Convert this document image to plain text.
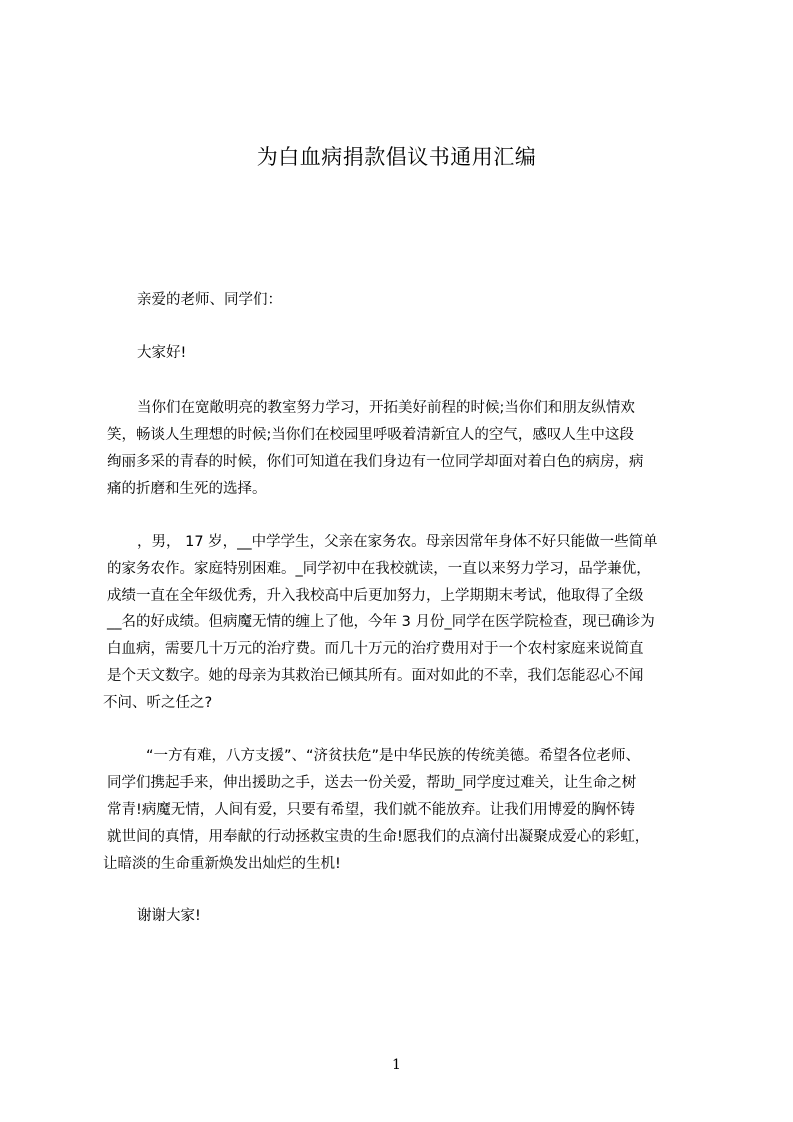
为白血病捐款倡议书通用汇编
亲爱的老师、同学们：
大家好!
当你们在宽敞明亮的教室努力学习，开拓美好前程的时候;当你们和朋友纵情欢
笑，畅谈人生理想的时候;当你们在校园里呼吸着清新宜人的空气，感叹人生中这段
绚丽多采的青春的时候，你们可知道在我们身边有一位同学却面对着白色的病房，病
痛的折磨和生死的选择。
，男， 17 岁，__中学学生，父亲在家务农。母亲因常年身体不好只能做一些简单
的家务农作。家庭特别困难。_同学初中在我校就读，一直以来努力学习，品学兼优，
成绩一直在全年级优秀，升入我校高中后更加努力，上学期期末考试，他取得了全级
__名的好成绩。但病魔无情的缠上了他，今年 3 月份_同学在医学院检查，现已确诊为
白血病，需要几十万元的治疗费。而几十万元的治疗费用对于一个农村家庭来说简直
是个天文数字。她的母亲为其救治已倾其所有。面对如此的不幸，我们怎能忍心不闻
不问、听之任之?
“一方有难，八方支援”、“济贫扶危”是中华民族的传统美德。希望各位老师、
同学们携起手来，伸出援助之手，送去一份关爱，帮助_同学度过难关，让生命之树
常青!病魔无情，人间有爱，只要有希望，我们就不能放弃。让我们用博爱的胸怀铸
就世间的真情，用奉献的行动拯救宝贵的生命!愿我们的点滴付出凝聚成爱心的彩虹，
让暗淡的生命重新焕发出灿烂的生机!
谢谢大家!
1
